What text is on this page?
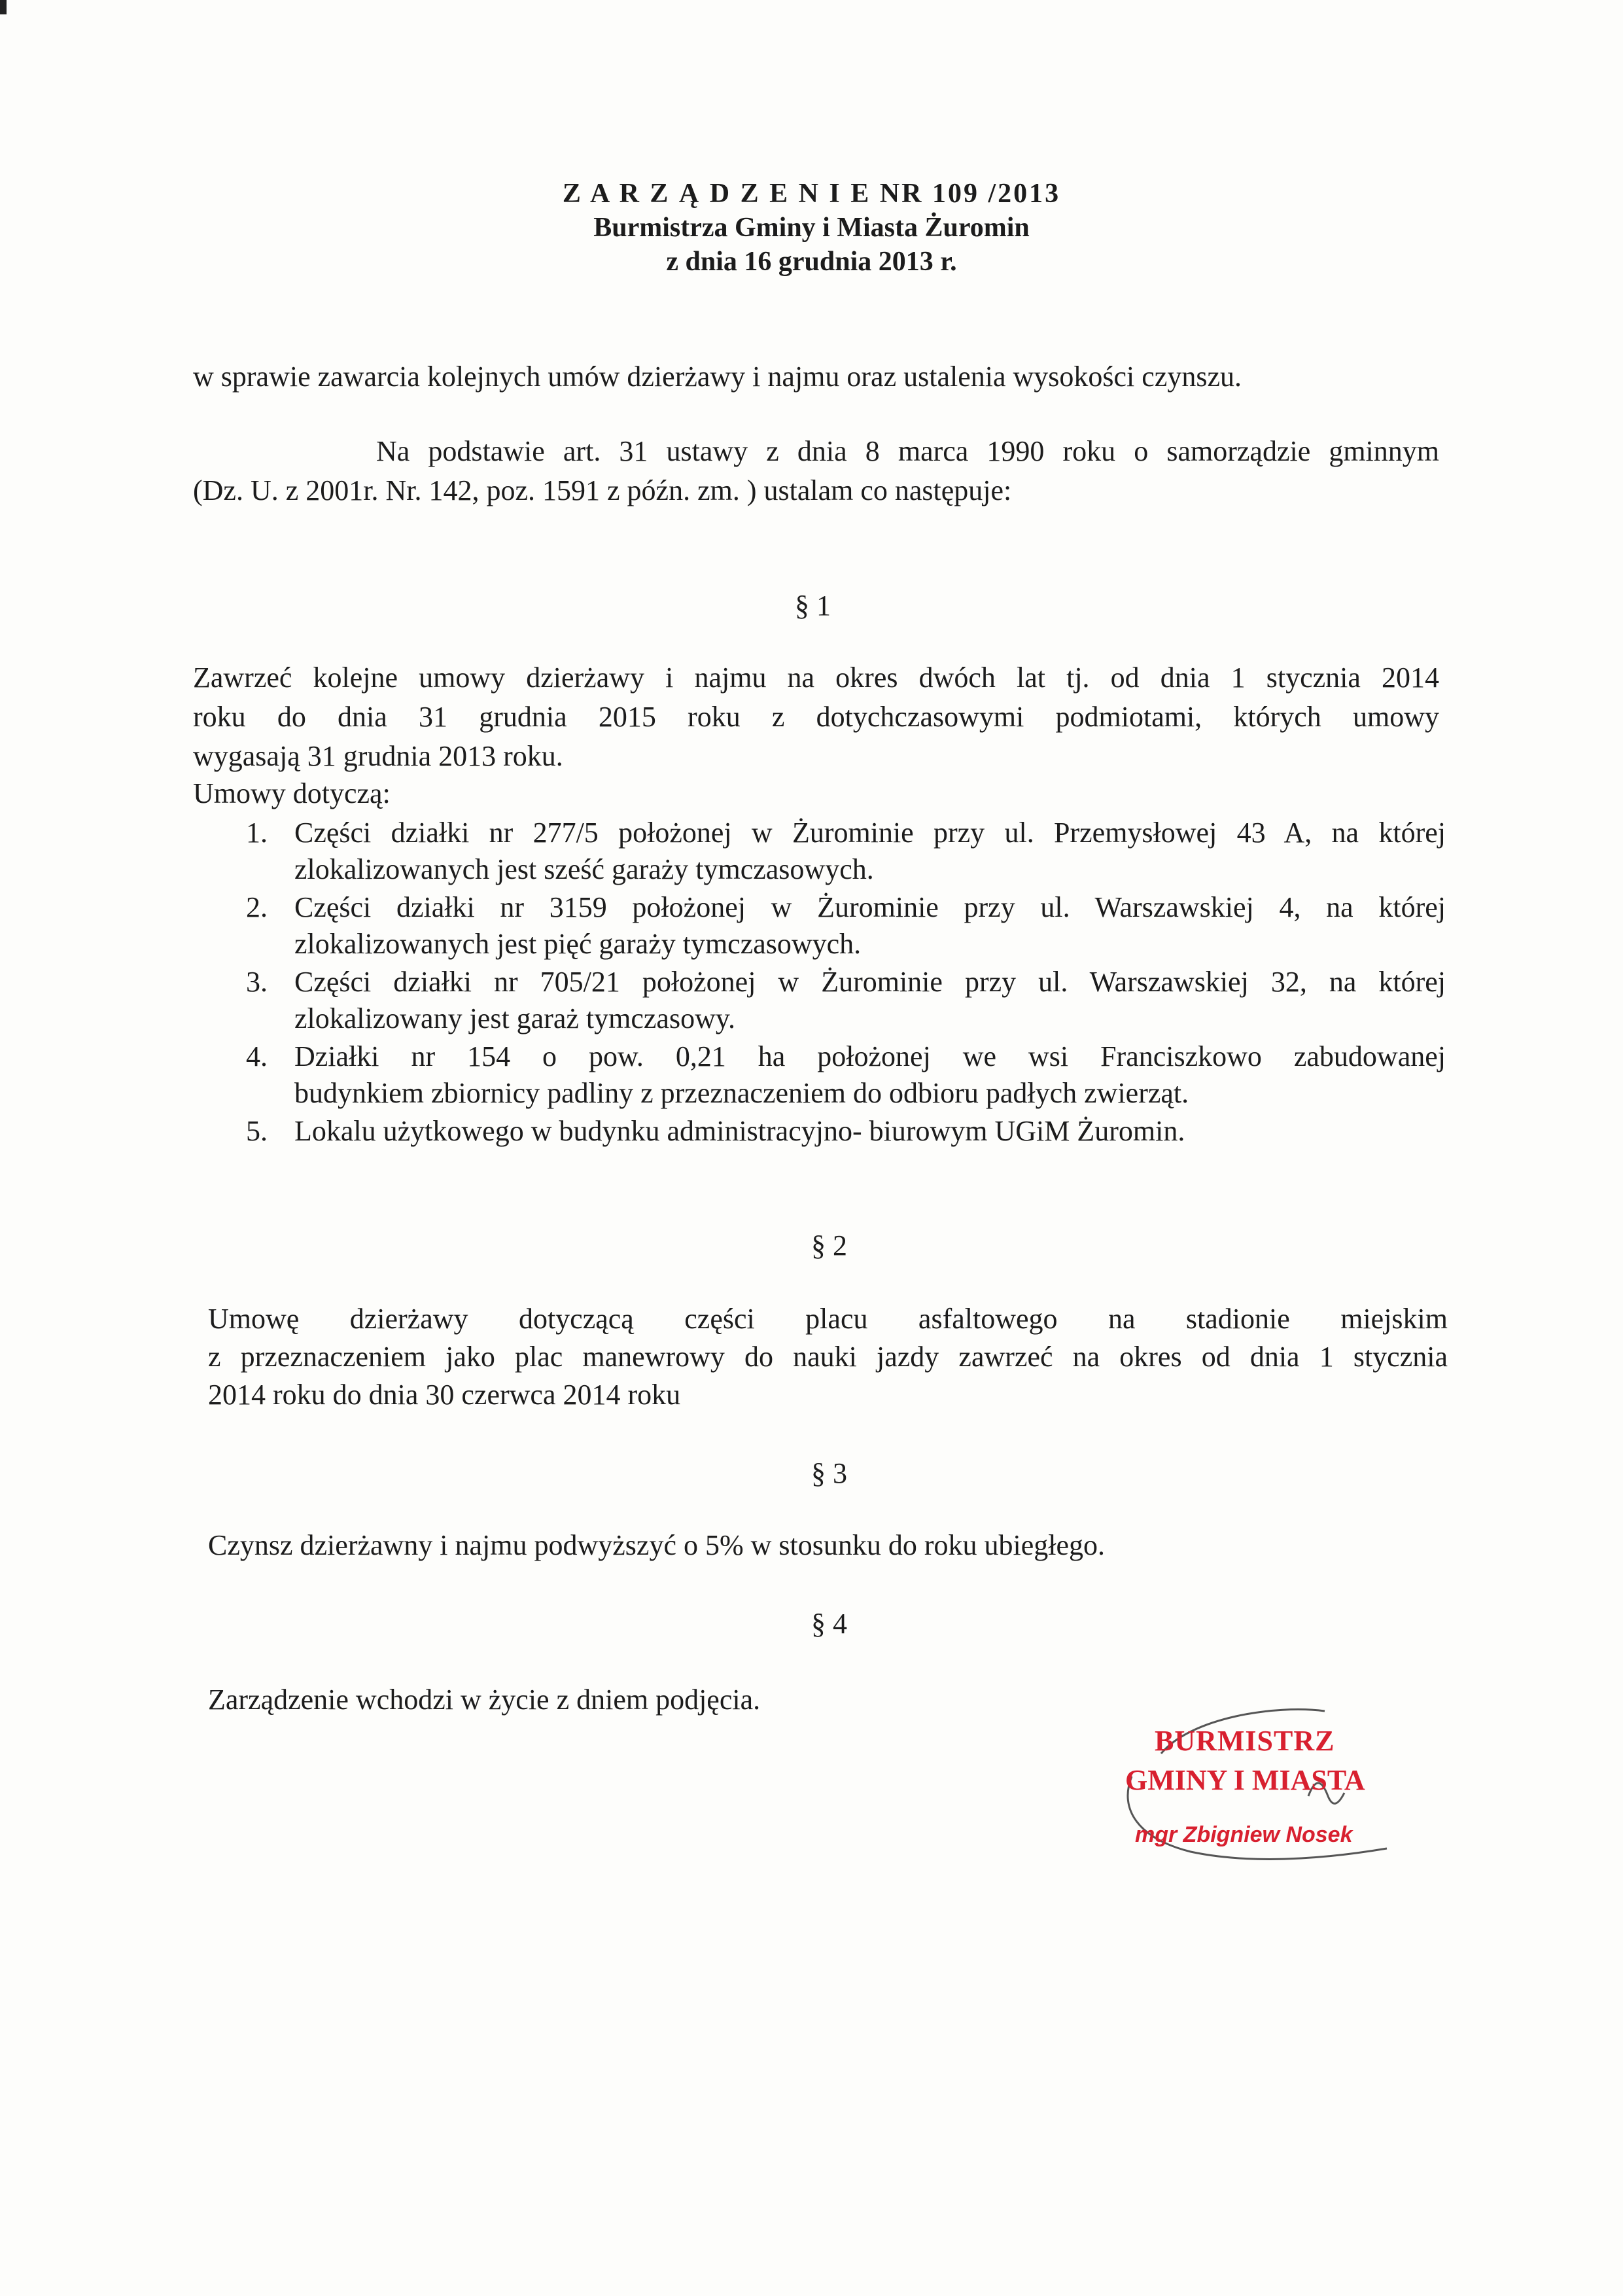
Z A R Z Ą D Z E N I E NR 109 /2013
Burmistrza Gminy i Miasta Żuromin
z dnia 16 grudnia 2013 r.
w sprawie zawarcia kolejnych umów dzierżawy i najmu oraz ustalenia wysokości czynszu.
Na podstawie art. 31 ustawy z dnia 8 marca 1990 roku o samorządzie gminnym
(Dz. U. z 2001r. Nr. 142, poz. 1591 z późn. zm. ) ustalam co następuje:
§ 1
Zawrzeć kolejne umowy dzierżawy i najmu na okres dwóch lat tj. od dnia 1 stycznia 2014
roku do dnia 31 grudnia 2015 roku z dotychczasowymi podmiotami, których umowy
wygasają 31 grudnia 2013 roku.
Umowy dotyczą:
1. Części działki nr 277/5 położonej w Żurominie przy ul. Przemysłowej 43 A, na której
zlokalizowanych jest sześć garaży tymczasowych.
2. Części działki nr 3159 położonej w Żurominie przy ul. Warszawskiej 4, na której
zlokalizowanych jest pięć garaży tymczasowych.
3. Części działki nr 705/21 położonej w Żurominie przy ul. Warszawskiej 32, na której
zlokalizowany jest garaż tymczasowy.
4. Działki nr 154 o pow. 0,21 ha położonej we wsi Franciszkowo zabudowanej
budynkiem zbiornicy padliny z przeznaczeniem do odbioru padłych zwierząt.
5. Lokalu użytkowego w budynku administracyjno- biurowym UGiM Żuromin.
§ 2
Umowę dzierżawy dotyczącą części placu asfaltowego na stadionie miejskim
z przeznaczeniem jako plac manewrowy do nauki jazdy zawrzeć na okres od dnia 1 stycznia
2014 roku do dnia 30 czerwca 2014 roku
§ 3
Czynsz dzierżawny i najmu podwyższyć o 5% w stosunku do roku ubiegłego.
§ 4
Zarządzenie wchodzi w życie z dniem podjęcia.
BURMISTRZ
GMINY I MIASTA
mgr Zbigniew Nosek
